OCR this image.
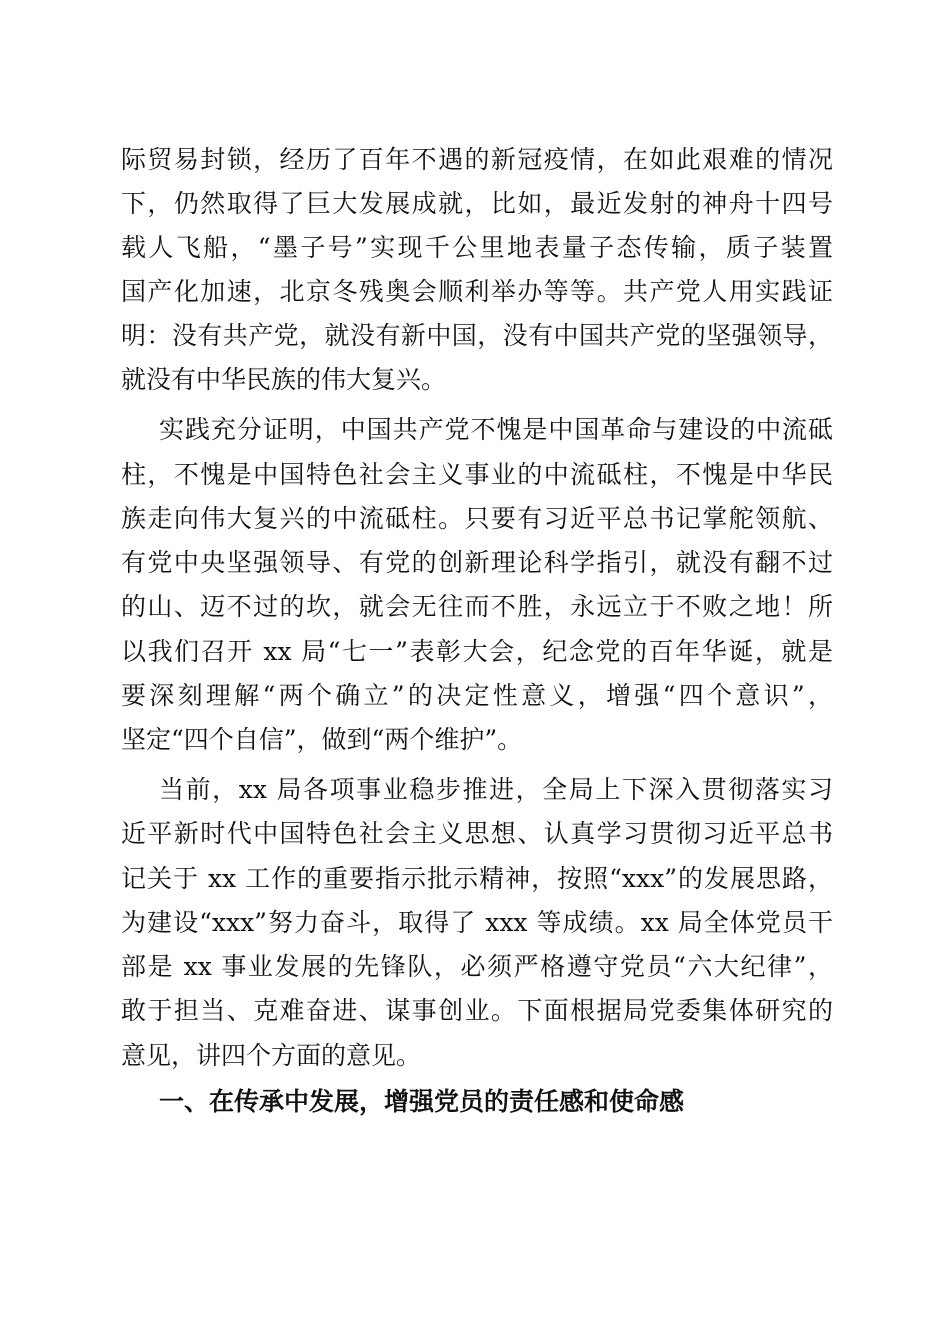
际贸易封锁，经历了百年不遇的新冠疫情，在如此艰难的情况
下，仍然取得了巨大发展成就，比如，最近发射的神舟十四号
载人飞船，“墨子号”实现千公里地表量子态传输，质子装置
国产化加速，北京冬残奥会顺利举办等等。共产党人用实践证
明：没有共产党，就没有新中国，没有中国共产党的坚强领导，
就没有中华民族的伟大复兴。
实践充分证明，中国共产党不愧是中国革命与建设的中流砥
柱，不愧是中国特色社会主义事业的中流砥柱，不愧是中华民
族走向伟大复兴的中流砥柱。只要有习近平总书记掌舵领航、
有党中央坚强领导、有党的创新理论科学指引，就没有翻不过
的山、迈不过的坎，就会无往而不胜，永远立于不败之地！所
以我们召开 xx 局“七一”表彰大会，纪念党的百年华诞，就是
要深刻理解“两个确立”的决定性意义，增强“四个意识”，
坚定“四个自信”，做到“两个维护”。
当前，xx 局各项事业稳步推进，全局上下深入贯彻落实习
近平新时代中国特色社会主义思想、认真学习贯彻习近平总书
记关于 xx 工作的重要指示批示精神，按照“xxx”的发展思路，
为建设“xxx”努力奋斗，取得了 xxx 等成绩。xx 局全体党员干
部是 xx 事业发展的先锋队，必须严格遵守党员“六大纪律”，
敢于担当、克难奋进、谋事创业。下面根据局党委集体研究的
意见，讲四个方面的意见。
一、在传承中发展，增强党员的责任感和使命感
